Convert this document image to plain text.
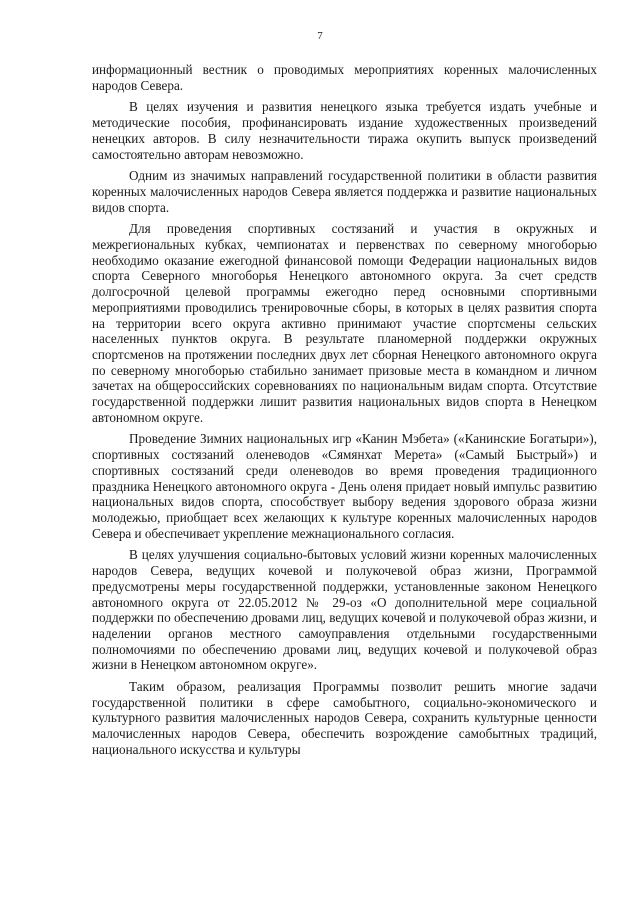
7

информационный вестник о проводимых мероприятиях коренных малочисленных народов Севера.

В целях изучения и развития ненецкого языка требуется издать учебные и методические пособия, профинансировать издание художественных произведений ненецких авторов. В силу незначительности тиража окупить выпуск произведений самостоятельно авторам невозможно.

Одним из значимых направлений государственной политики в области развития коренных малочисленных народов Севера является поддержка и развитие национальных видов спорта.

Для проведения спортивных состязаний и участия в окружных и межрегиональных кубках, чемпионатах и первенствах по северному многоборью необходимо оказание ежегодной финансовой помощи Федерации национальных видов спорта Северного многоборья Ненецкого автономного округа. За счет средств долгосрочной целевой программы ежегодно перед основными спортивными мероприятиями проводились тренировочные сборы, в которых в целях развития спорта на территории всего округа активно принимают участие спортсмены сельских населенных пунктов округа. В результате планомерной поддержки окружных спортсменов на протяжении последних двух лет сборная Ненецкого автономного округа по северному многоборью стабильно занимает призовые места в командном и личном зачетах на общероссийских соревнованиях по национальным видам спорта. Отсутствие государственной поддержки лишит развития национальных видов спорта в Ненецком автономном округе.

Проведение Зимних национальных игр «Канин Мэбета» («Канинские Богатыри»), спортивных состязаний оленеводов «Сямянхат Мерета» («Самый Быстрый») и спортивных состязаний среди оленеводов во время проведения традиционного праздника Ненецкого автономного округа - День оленя придает новый импульс развитию национальных видов спорта, способствует выбору ведения здорового образа жизни молодежью, приобщает всех желающих к культуре коренных малочисленных народов Севера и обеспечивает укрепление межнационального согласия.

В целях улучшения социально-бытовых условий жизни коренных малочисленных народов Севера, ведущих кочевой и полукочевой образ жизни, Программой предусмотрены меры государственной поддержки, установленные законом Ненецкого автономного округа от 22.05.2012 № 29-оз «О дополнительной мере социальной поддержки по обеспечению дровами лиц, ведущих кочевой и полукочевой образ жизни, и наделении органов местного самоуправления отдельными государственными полномочиями по обеспечению дровами лиц, ведущих кочевой и полукочевой образ жизни в Ненецком автономном округе».

Таким образом, реализация Программы позволит решить многие задачи государственной политики в сфере самобытного, социально-экономического и культурного развития малочисленных народов Севера, сохранить культурные ценности малочисленных народов Севера, обеспечить возрождение самобытных традиций, национального искусства и культуры
